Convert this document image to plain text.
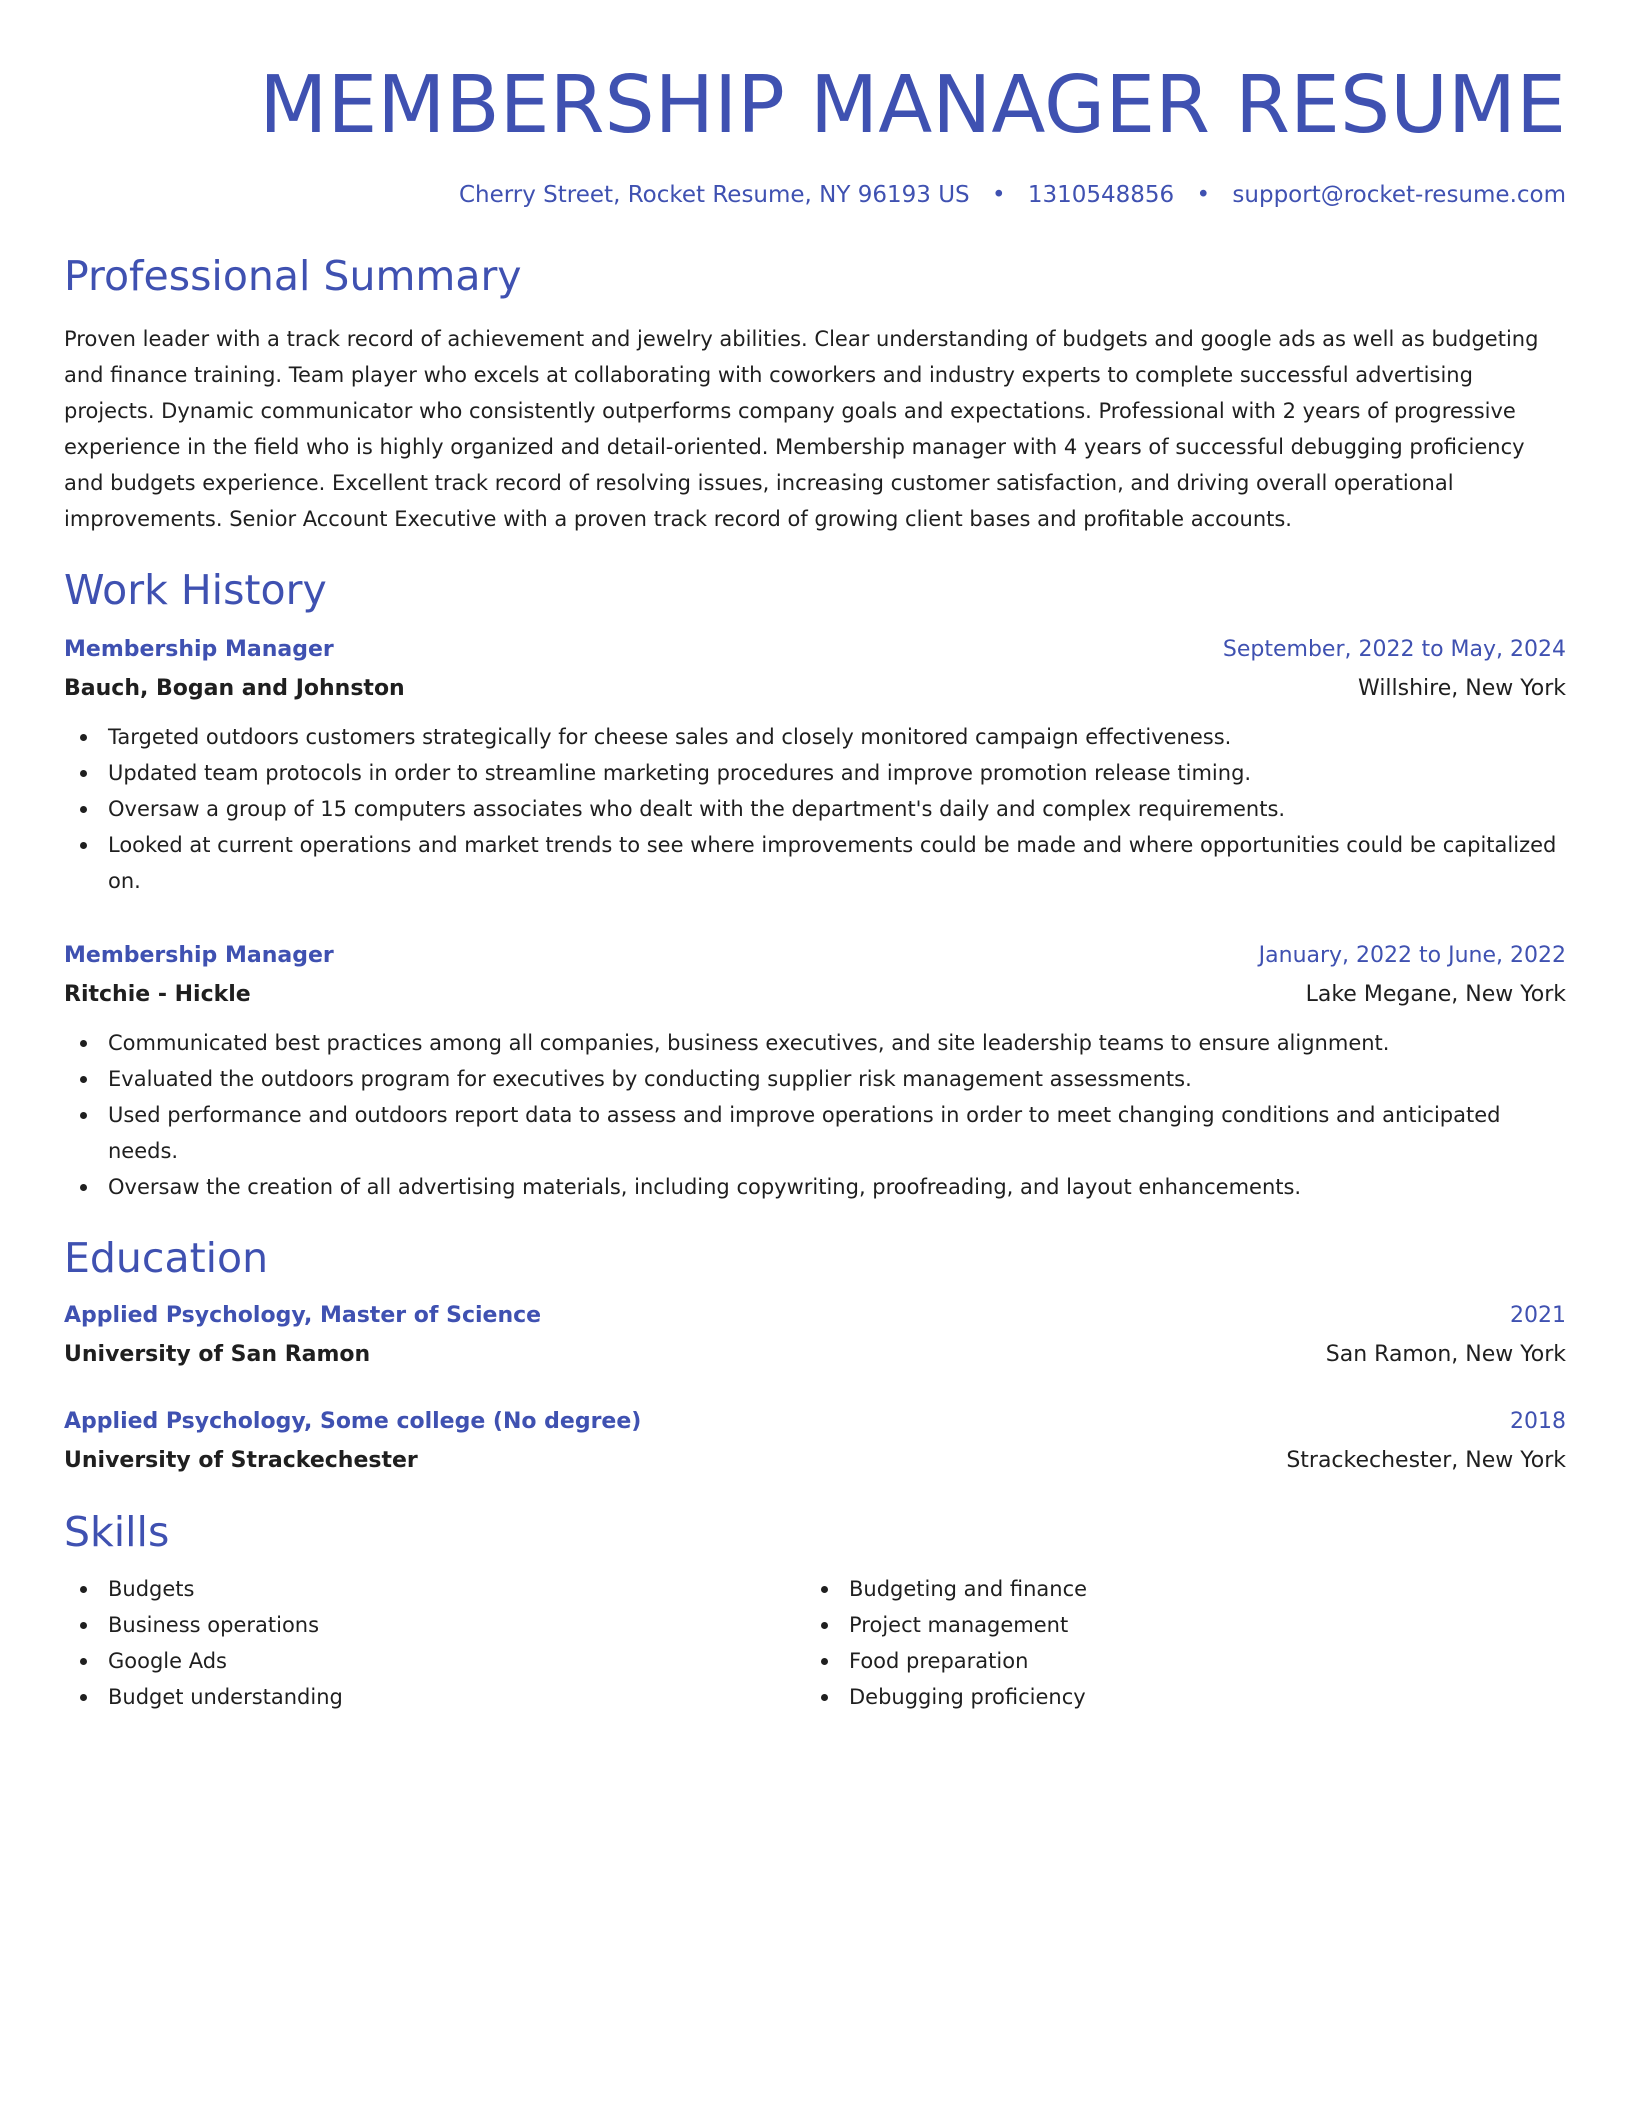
MEMBERSHIP MANAGER RESUME
Cherry Street, Rocket Resume, NY 96193 US • 1310548856 • support@rocket-resume.com
Professional Summary
Proven leader with a track record of achievement and jewelry abilities. Clear understanding of budgets and google ads as well as budgeting and finance training. Team player who excels at collaborating with coworkers and industry experts to complete successful advertising projects. Dynamic communicator who consistently outperforms company goals and expectations. Professional with 2 years of progressive experience in the field who is highly organized and detail-oriented. Membership manager with 4 years of successful debugging proficiency and budgets experience. Excellent track record of resolving issues, increasing customer satisfaction, and driving overall operational improvements. Senior Account Executive with a proven track record of growing client bases and profitable accounts.
Work History
Membership Manager	September, 2022 to May, 2024
Bauch, Bogan and Johnston	Willshire, New York
Targeted outdoors customers strategically for cheese sales and closely monitored campaign effectiveness.
Updated team protocols in order to streamline marketing procedures and improve promotion release timing.
Oversaw a group of 15 computers associates who dealt with the department's daily and complex requirements.
Looked at current operations and market trends to see where improvements could be made and where opportunities could be capitalized on.
Membership Manager	January, 2022 to June, 2022
Ritchie - Hickle	Lake Megane, New York
Communicated best practices among all companies, business executives, and site leadership teams to ensure alignment.
Evaluated the outdoors program for executives by conducting supplier risk management assessments.
Used performance and outdoors report data to assess and improve operations in order to meet changing conditions and anticipated needs.
Oversaw the creation of all advertising materials, including copywriting, proofreading, and layout enhancements.
Education
Applied Psychology, Master of Science	2021
University of San Ramon	San Ramon, New York
Applied Psychology, Some college (No degree)	2018
University of Strackechester	Strackechester, New York
Skills
Budgets
Business operations
Google Ads
Budget understanding
Budgeting and finance
Project management
Food preparation
Debugging proficiency
